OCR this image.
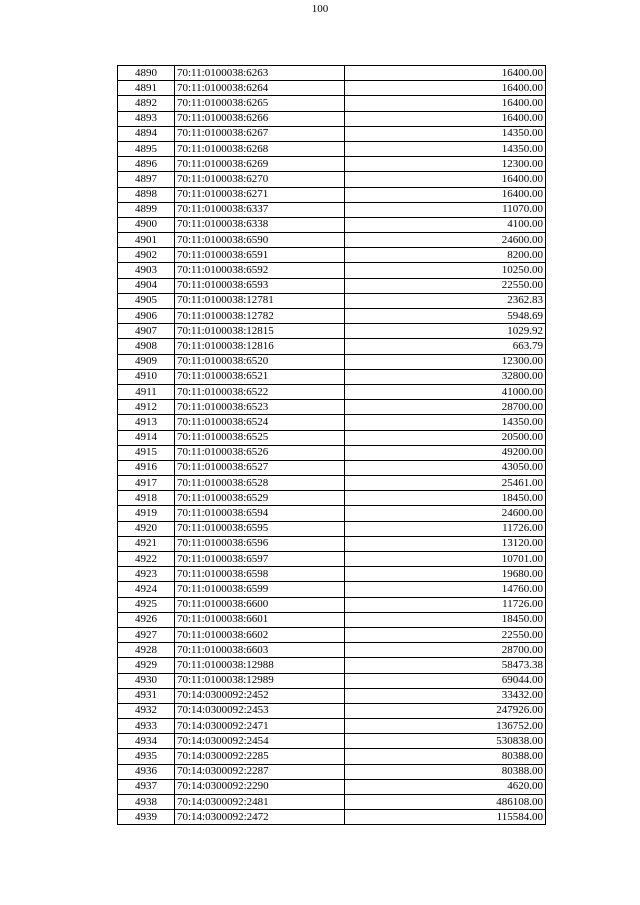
100
4890	70:11:0100038:6263	16400.00
4891	70:11:0100038:6264	16400.00
4892	70:11:0100038:6265	16400.00
4893	70:11:0100038:6266	16400.00
4894	70:11:0100038:6267	14350.00
4895	70:11:0100038:6268	14350.00
4896	70:11:0100038:6269	12300.00
4897	70:11:0100038:6270	16400.00
4898	70:11:0100038:6271	16400.00
4899	70:11:0100038:6337	11070.00
4900	70:11:0100038:6338	4100.00
4901	70:11:0100038:6590	24600.00
4902	70:11:0100038:6591	8200.00
4903	70:11:0100038:6592	10250.00
4904	70:11:0100038:6593	22550.00
4905	70:11:0100038:12781	2362.83
4906	70:11:0100038:12782	5948.69
4907	70:11:0100038:12815	1029.92
4908	70:11:0100038:12816	663.79
4909	70:11:0100038:6520	12300.00
4910	70:11:0100038:6521	32800.00
4911	70:11:0100038:6522	41000.00
4912	70:11:0100038:6523	28700.00
4913	70:11:0100038:6524	14350.00
4914	70:11:0100038:6525	20500.00
4915	70:11:0100038:6526	49200.00
4916	70:11:0100038:6527	43050.00
4917	70:11:0100038:6528	25461.00
4918	70:11:0100038:6529	18450.00
4919	70:11:0100038:6594	24600.00
4920	70:11:0100038:6595	11726.00
4921	70:11:0100038:6596	13120.00
4922	70:11:0100038:6597	10701.00
4923	70:11:0100038:6598	19680.00
4924	70:11:0100038:6599	14760.00
4925	70:11:0100038:6600	11726.00
4926	70:11:0100038:6601	18450.00
4927	70:11:0100038:6602	22550.00
4928	70:11:0100038:6603	28700.00
4929	70:11:0100038:12988	58473.38
4930	70:11:0100038:12989	69044.00
4931	70:14:0300092:2452	33432.00
4932	70:14:0300092:2453	247926.00
4933	70:14:0300092:2471	136752.00
4934	70:14:0300092:2454	530838.00
4935	70:14:0300092:2285	80388.00
4936	70:14:0300092:2287	80388.00
4937	70:14:0300092:2290	4620.00
4938	70:14:0300092:2481	486108.00
4939	70:14:0300092:2472	115584.00
